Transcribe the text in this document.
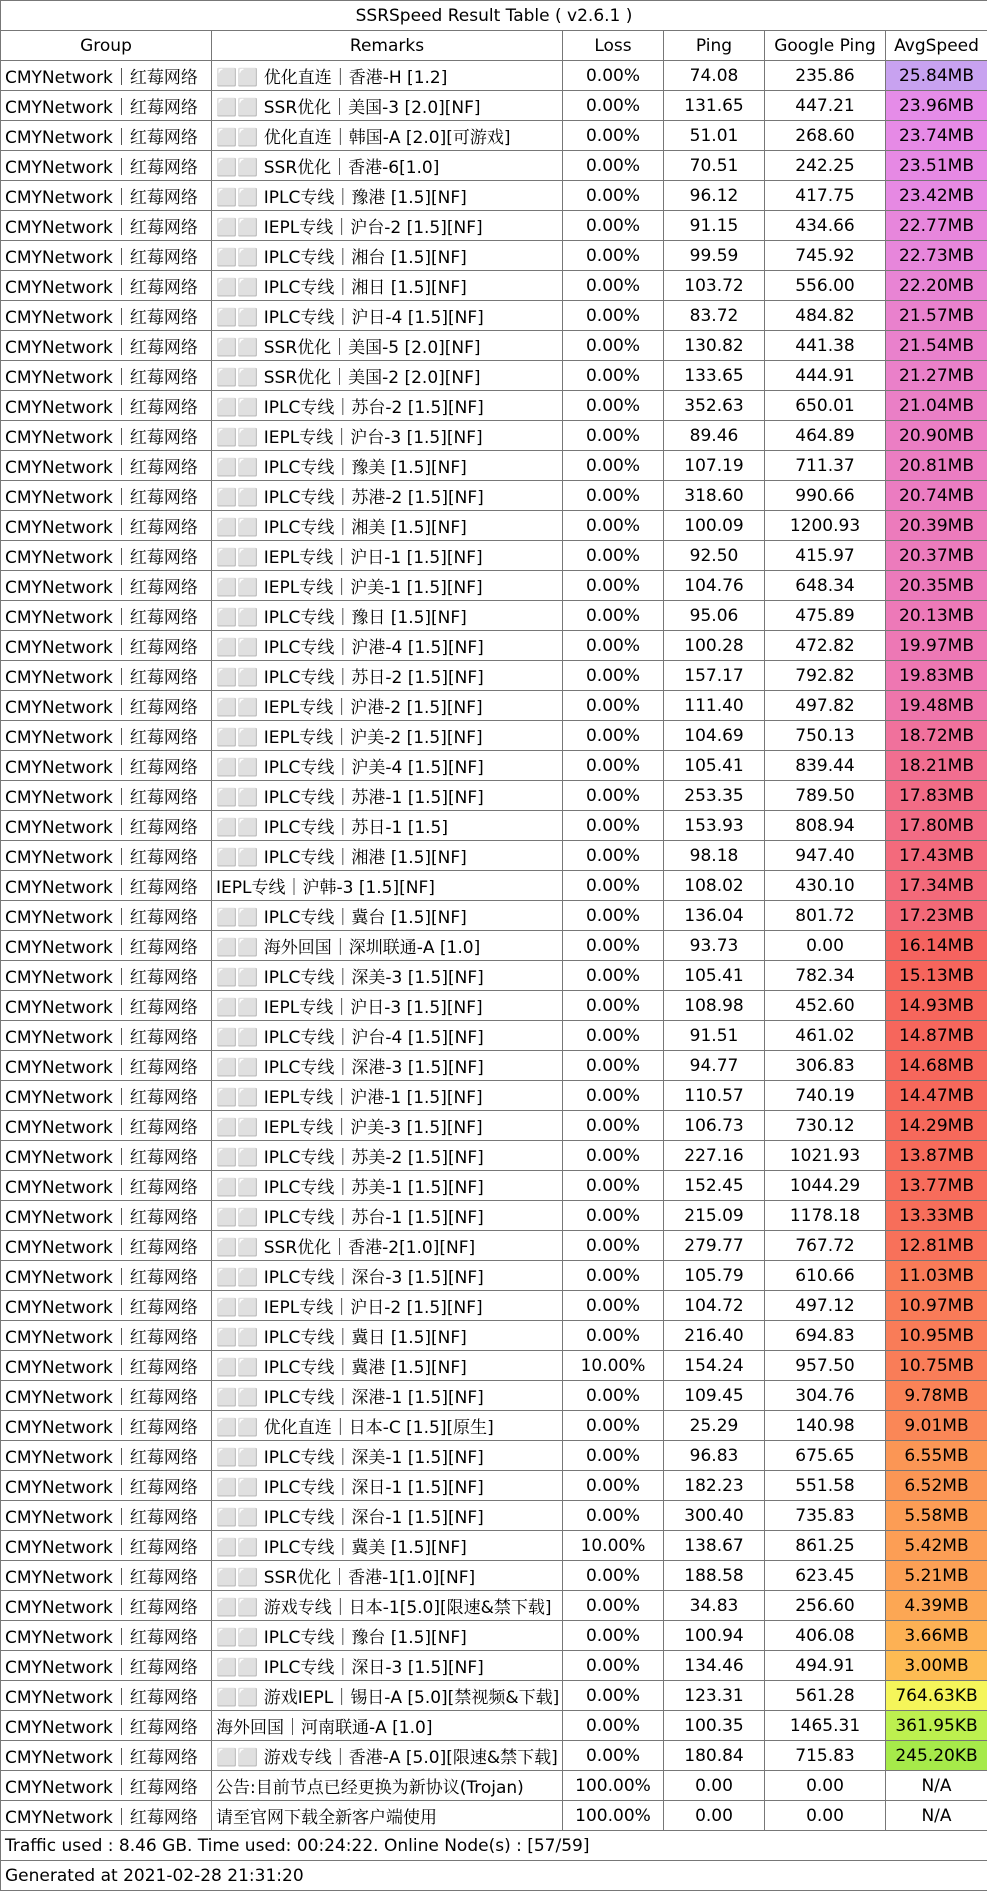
SSRSpeed Result Table ( v2.6.1 )					
Group	Remarks	Loss	Ping	Google Ping	AvgSpeed
CMYNetwork｜红莓网络	⬜⬜ 优化直连｜香港-H [1.2]	0.00%	74.08	235.86	25.84MB
CMYNetwork｜红莓网络	⬜⬜ SSR优化｜美国-3 [2.0][NF]	0.00%	131.65	447.21	23.96MB
CMYNetwork｜红莓网络	⬜⬜ 优化直连｜韩国-A [2.0][可游戏]	0.00%	51.01	268.60	23.74MB
CMYNetwork｜红莓网络	⬜⬜ SSR优化｜香港-6[1.0]	0.00%	70.51	242.25	23.51MB
CMYNetwork｜红莓网络	⬜⬜ IPLC专线｜豫港 [1.5][NF]	0.00%	96.12	417.75	23.42MB
CMYNetwork｜红莓网络	⬜⬜ IEPL专线｜沪台-2 [1.5][NF]	0.00%	91.15	434.66	22.77MB
CMYNetwork｜红莓网络	⬜⬜ IPLC专线｜湘台 [1.5][NF]	0.00%	99.59	745.92	22.73MB
CMYNetwork｜红莓网络	⬜⬜ IPLC专线｜湘日 [1.5][NF]	0.00%	103.72	556.00	22.20MB
CMYNetwork｜红莓网络	⬜⬜ IPLC专线｜沪日-4 [1.5][NF]	0.00%	83.72	484.82	21.57MB
CMYNetwork｜红莓网络	⬜⬜ SSR优化｜美国-5 [2.0][NF]	0.00%	130.82	441.38	21.54MB
CMYNetwork｜红莓网络	⬜⬜ SSR优化｜美国-2 [2.0][NF]	0.00%	133.65	444.91	21.27MB
CMYNetwork｜红莓网络	⬜⬜ IPLC专线｜苏台-2 [1.5][NF]	0.00%	352.63	650.01	21.04MB
CMYNetwork｜红莓网络	⬜⬜ IEPL专线｜沪台-3 [1.5][NF]	0.00%	89.46	464.89	20.90MB
CMYNetwork｜红莓网络	⬜⬜ IPLC专线｜豫美 [1.5][NF]	0.00%	107.19	711.37	20.81MB
CMYNetwork｜红莓网络	⬜⬜ IPLC专线｜苏港-2 [1.5][NF]	0.00%	318.60	990.66	20.74MB
CMYNetwork｜红莓网络	⬜⬜ IPLC专线｜湘美 [1.5][NF]	0.00%	100.09	1200.93	20.39MB
CMYNetwork｜红莓网络	⬜⬜ IEPL专线｜沪日-1 [1.5][NF]	0.00%	92.50	415.97	20.37MB
CMYNetwork｜红莓网络	⬜⬜ IEPL专线｜沪美-1 [1.5][NF]	0.00%	104.76	648.34	20.35MB
CMYNetwork｜红莓网络	⬜⬜ IPLC专线｜豫日 [1.5][NF]	0.00%	95.06	475.89	20.13MB
CMYNetwork｜红莓网络	⬜⬜ IPLC专线｜沪港-4 [1.5][NF]	0.00%	100.28	472.82	19.97MB
CMYNetwork｜红莓网络	⬜⬜ IPLC专线｜苏日-2 [1.5][NF]	0.00%	157.17	792.82	19.83MB
CMYNetwork｜红莓网络	⬜⬜ IEPL专线｜沪港-2 [1.5][NF]	0.00%	111.40	497.82	19.48MB
CMYNetwork｜红莓网络	⬜⬜ IEPL专线｜沪美-2 [1.5][NF]	0.00%	104.69	750.13	18.72MB
CMYNetwork｜红莓网络	⬜⬜ IPLC专线｜沪美-4 [1.5][NF]	0.00%	105.41	839.44	18.21MB
CMYNetwork｜红莓网络	⬜⬜ IPLC专线｜苏港-1 [1.5][NF]	0.00%	253.35	789.50	17.83MB
CMYNetwork｜红莓网络	⬜⬜ IPLC专线｜苏日-1 [1.5]	0.00%	153.93	808.94	17.80MB
CMYNetwork｜红莓网络	⬜⬜ IPLC专线｜湘港 [1.5][NF]	0.00%	98.18	947.40	17.43MB
CMYNetwork｜红莓网络	IEPL专线｜沪韩-3 [1.5][NF]	0.00%	108.02	430.10	17.34MB
CMYNetwork｜红莓网络	⬜⬜ IPLC专线｜冀台 [1.5][NF]	0.00%	136.04	801.72	17.23MB
CMYNetwork｜红莓网络	⬜⬜ 海外回国｜深圳联通-A [1.0]	0.00%	93.73	0.00	16.14MB
CMYNetwork｜红莓网络	⬜⬜ IPLC专线｜深美-3 [1.5][NF]	0.00%	105.41	782.34	15.13MB
CMYNetwork｜红莓网络	⬜⬜ IEPL专线｜沪日-3 [1.5][NF]	0.00%	108.98	452.60	14.93MB
CMYNetwork｜红莓网络	⬜⬜ IPLC专线｜沪台-4 [1.5][NF]	0.00%	91.51	461.02	14.87MB
CMYNetwork｜红莓网络	⬜⬜ IPLC专线｜深港-3 [1.5][NF]	0.00%	94.77	306.83	14.68MB
CMYNetwork｜红莓网络	⬜⬜ IEPL专线｜沪港-1 [1.5][NF]	0.00%	110.57	740.19	14.47MB
CMYNetwork｜红莓网络	⬜⬜ IEPL专线｜沪美-3 [1.5][NF]	0.00%	106.73	730.12	14.29MB
CMYNetwork｜红莓网络	⬜⬜ IPLC专线｜苏美-2 [1.5][NF]	0.00%	227.16	1021.93	13.87MB
CMYNetwork｜红莓网络	⬜⬜ IPLC专线｜苏美-1 [1.5][NF]	0.00%	152.45	1044.29	13.77MB
CMYNetwork｜红莓网络	⬜⬜ IPLC专线｜苏台-1 [1.5][NF]	0.00%	215.09	1178.18	13.33MB
CMYNetwork｜红莓网络	⬜⬜ SSR优化｜香港-2[1.0][NF]	0.00%	279.77	767.72	12.81MB
CMYNetwork｜红莓网络	⬜⬜ IPLC专线｜深台-3 [1.5][NF]	0.00%	105.79	610.66	11.03MB
CMYNetwork｜红莓网络	⬜⬜ IEPL专线｜沪日-2 [1.5][NF]	0.00%	104.72	497.12	10.97MB
CMYNetwork｜红莓网络	⬜⬜ IPLC专线｜冀日 [1.5][NF]	0.00%	216.40	694.83	10.95MB
CMYNetwork｜红莓网络	⬜⬜ IPLC专线｜冀港 [1.5][NF]	10.00%	154.24	957.50	10.75MB
CMYNetwork｜红莓网络	⬜⬜ IPLC专线｜深港-1 [1.5][NF]	0.00%	109.45	304.76	9.78MB
CMYNetwork｜红莓网络	⬜⬜ 优化直连｜日本-C [1.5][原生]	0.00%	25.29	140.98	9.01MB
CMYNetwork｜红莓网络	⬜⬜ IPLC专线｜深美-1 [1.5][NF]	0.00%	96.83	675.65	6.55MB
CMYNetwork｜红莓网络	⬜⬜ IPLC专线｜深日-1 [1.5][NF]	0.00%	182.23	551.58	6.52MB
CMYNetwork｜红莓网络	⬜⬜ IPLC专线｜深台-1 [1.5][NF]	0.00%	300.40	735.83	5.58MB
CMYNetwork｜红莓网络	⬜⬜ IPLC专线｜冀美 [1.5][NF]	10.00%	138.67	861.25	5.42MB
CMYNetwork｜红莓网络	⬜⬜ SSR优化｜香港-1[1.0][NF]	0.00%	188.58	623.45	5.21MB
CMYNetwork｜红莓网络	⬜⬜ 游戏专线｜日本-1[5.0][限速&禁下载]	0.00%	34.83	256.60	4.39MB
CMYNetwork｜红莓网络	⬜⬜ IPLC专线｜豫台 [1.5][NF]	0.00%	100.94	406.08	3.66MB
CMYNetwork｜红莓网络	⬜⬜ IPLC专线｜深日-3 [1.5][NF]	0.00%	134.46	494.91	3.00MB
CMYNetwork｜红莓网络	⬜⬜ 游戏IEPL｜锡日-A [5.0][禁视频&下载]	0.00%	123.31	561.28	764.63KB
CMYNetwork｜红莓网络	海外回国｜河南联通-A [1.0]	0.00%	100.35	1465.31	361.95KB
CMYNetwork｜红莓网络	⬜⬜ 游戏专线｜香港-A [5.0][限速&禁下载]	0.00%	180.84	715.83	245.20KB
CMYNetwork｜红莓网络	公告:目前节点已经更换为新协议(Trojan)	100.00%	0.00	0.00	N/A
CMYNetwork｜红莓网络	请至官网下载全新客户端使用	100.00%	0.00	0.00	N/A
Traffic used : 8.46 GB. Time used: 00:24:22. Online Node(s) : [57/59]					
Generated at 2021-02-28 21:31:20					
